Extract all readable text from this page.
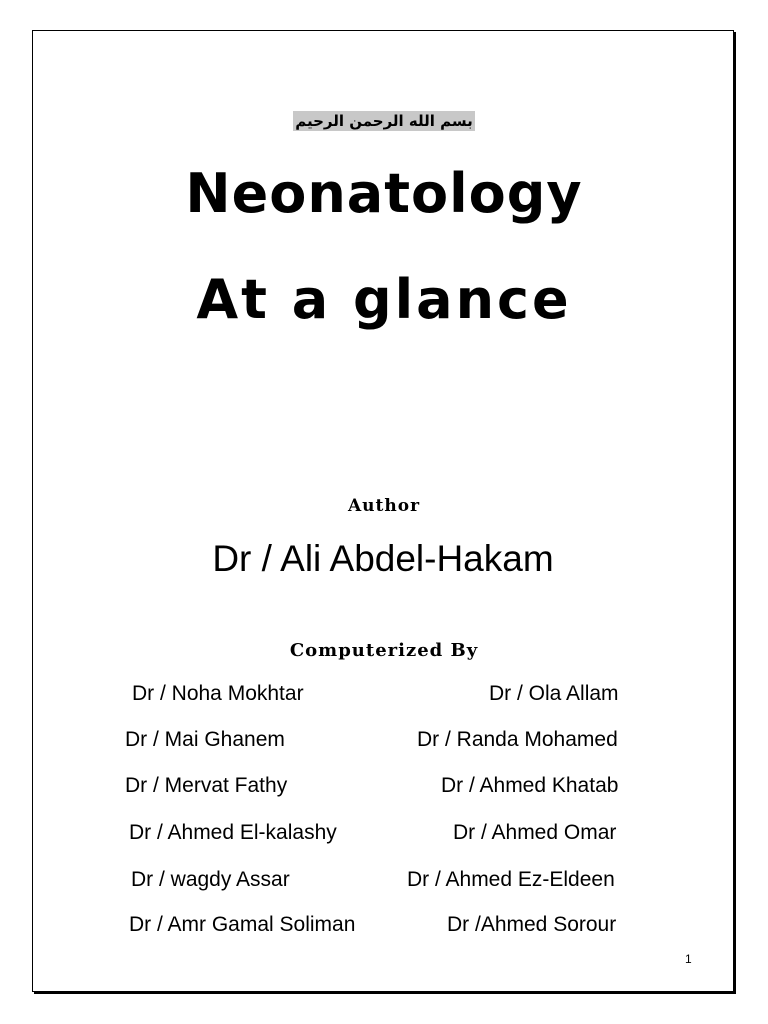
بسم الله الرحمن الرحيم
Neonatology
At a glance
Author
Dr / Ali Abdel-Hakam
Computerized By
Dr / Noha Mokhtar	Dr / Ola Allam
Dr / Mai Ghanem	Dr / Randa Mohamed
Dr / Mervat Fathy	Dr / Ahmed Khatab
Dr / Ahmed El-kalashy	Dr / Ahmed Omar
Dr / wagdy Assar	Dr / Ahmed Ez-Eldeen
Dr / Amr Gamal Soliman	Dr /Ahmed Sorour
1
